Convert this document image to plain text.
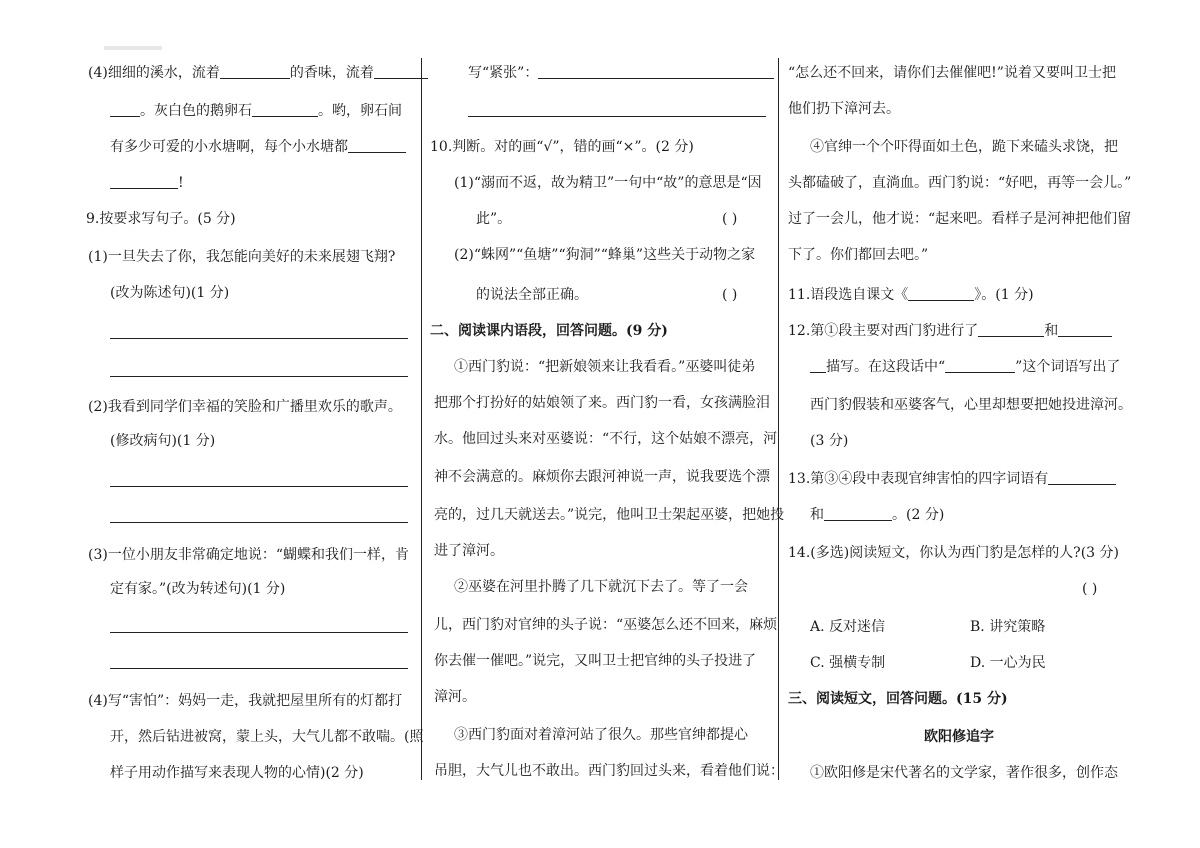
(4)细细的溪水，流着	的香味，流着
。灰白色的鹅卵石	。哟，卵石间
有多少可爱的小水塘啊，每个小水塘都
!
9.按要求写句子。(5 分)
(1)一旦失去了你，我怎能向美好的未来展翅飞翔?
(改为陈述句)(1 分)
(2)我看到同学们幸福的笑脸和广播里欢乐的歌声。
(修改病句)(1 分)
(3)一位小朋友非常确定地说：“蝴蝶和我们一样，肯
定有家。”(改为转述句)(1 分)
(4)写“害怕”：妈妈一走，我就把屋里所有的灯都打
开，然后钻进被窝，蒙上头，大气儿都不敢喘。(照
样子用动作描写来表现人物的心情)(2 分)
写“紧张”：
10.判断。对的画“√”，错的画“×”。(2 分)
(1)“溺而不返，故为精卫”一句中“故”的意思是“因
此”。	( )
(2)“蛛网”“鱼塘”“狗洞”“蜂巢”这些关于动物之家
的说法全部正确。	( )
二、阅读课内语段，回答问题。(9 分)
①西门豹说：“把新娘领来让我看看。”巫婆叫徒弟
把那个打扮好的姑娘领了来。西门豹一看，女孩满脸泪
水。他回过头来对巫婆说：“不行，这个姑娘不漂亮，河
神不会满意的。麻烦你去跟河神说一声，说我要选个漂
亮的，过几天就送去。”说完，他叫卫士架起巫婆，把她投
进了漳河。
②巫婆在河里扑腾了几下就沉下去了。等了一会
儿，西门豹对官绅的头子说：“巫婆怎么还不回来，麻烦
你去催一催吧。”说完，又叫卫士把官绅的头子投进了
漳河。
③西门豹面对着漳河站了很久。那些官绅都提心
吊胆，大气儿也不敢出。西门豹回过头来，看着他们说：
“怎么还不回来，请你们去催催吧!”说着又要叫卫士把
他们扔下漳河去。
④官绅一个个吓得面如土色，跪下来磕头求饶，把
头都磕破了，直淌血。西门豹说：“好吧，再等一会儿。”
过了一会儿，他才说：“起来吧。看样子是河神把他们留
下了。你们都回去吧。”
11.语段选自课文《	》。(1 分)
12.第①段主要对西门豹进行了	和
描写。在这段话中“	”这个词语写出了
西门豹假装和巫婆客气，心里却想要把她投进漳河。
(3 分)
13.第③④段中表现官绅害怕的四字词语有
和	。(2 分)
14.(多选)阅读短文，你认为西门豹是怎样的人?(3 分)
( )
A. 反对迷信	B. 讲究策略
C. 强横专制	D. 一心为民
三、阅读短文，回答问题。(15 分)
欧阳修追字
①欧阳修是宋代著名的文学家，著作很多，创作态
